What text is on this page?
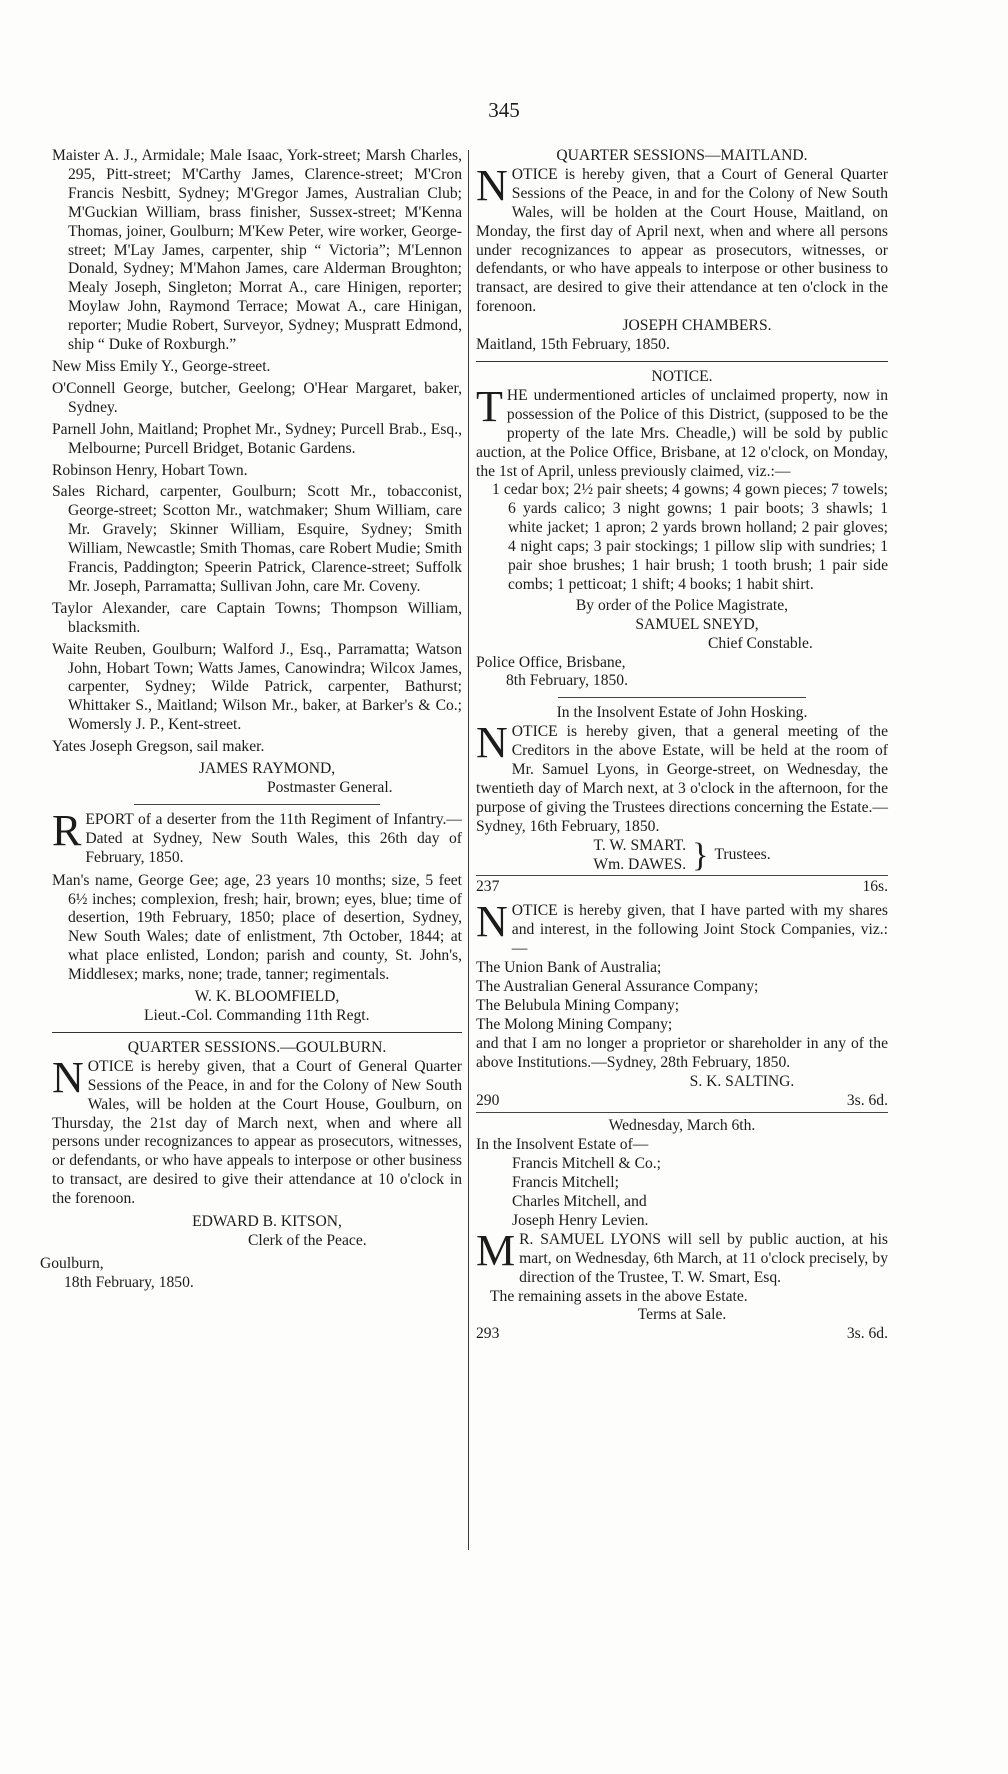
345

Maister A. J., Armidale; Male Isaac, York-street; Marsh Charles, 295, Pitt-street; M'Carthy James, Clarence-street; M'Cron Francis Nesbitt, Sydney; M'Gregor James, Australian Club; M'Guckian William, brass finisher, Sussex-street; M'Kenna Thomas, joiner, Goulburn; M'Kew Peter, wire worker, George-street; M'Lay James, carpenter, ship “ Victoria”; M'Lennon Donald, Sydney; M'Mahon James, care Alderman Broughton; Mealy Joseph, Singleton; Morrat A., care Hinigen, reporter; Moylaw John, Raymond Terrace; Mowat A., care Hinigan, reporter; Mudie Robert, Surveyor, Sydney; Muspratt Edmond, ship “ Duke of Roxburgh.”

New Miss Emily Y., George-street.

O'Connell George, butcher, Geelong; O'Hear Margaret, baker, Sydney.

Parnell John, Maitland; Prophet Mr., Sydney; Purcell Brab., Esq., Melbourne; Purcell Bridget, Botanic Gardens.

Robinson Henry, Hobart Town.

Sales Richard, carpenter, Goulburn; Scott Mr., tobacconist, George-street; Scotton Mr., watchmaker; Shum William, care Mr. Gravely; Skinner William, Esquire, Sydney; Smith William, Newcastle; Smith Thomas, care Robert Mudie; Smith Francis, Paddington; Speerin Patrick, Clarence-street; Suffolk Mr. Joseph, Parramatta; Sullivan John, care Mr. Coveny.

Taylor Alexander, care Captain Towns; Thompson William, blacksmith.

Waite Reuben, Goulburn; Walford J., Esq., Parramatta; Watson John, Hobart Town; Watts James, Canowindra; Wilcox James, carpenter, Sydney; Wilde Patrick, carpenter, Bathurst; Whittaker S., Maitland; Wilson Mr., baker, at Barker's & Co.; Womersly J. P., Kent-street.

Yates Joseph Gregson, sail maker.

JAMES RAYMOND,
Postmaster General.
REPORT of a deserter from the 11th Regiment of Infantry.—Dated at Sydney, New South Wales, this 26th day of February, 1850.

Man's name, George Gee; age, 23 years 10 months; size, 5 feet 6½ inches; complexion, fresh; hair, brown; eyes, blue; time of desertion, 19th February, 1850; place of desertion, Sydney, New South Wales; date of enlistment, 7th October, 1844; at what place enlisted, London; parish and county, St. John's, Middlesex; marks, none; trade, tanner; regimentals.

W. K. BLOOMFIELD,
Lieut.-Col. Commanding 11th Regt.
QUARTER SESSIONS.—GOULBURN.
NOTICE is hereby given, that a Court of General Quarter Sessions of the Peace, in and for the Colony of New South Wales, will be holden at the Court House, Goulburn, on Thursday, the 21st day of March next, when and where all persons under recognizances to appear as prosecutors, witnesses, or defendants, or who have appeals to interpose or other business to transact, are desired to give their attendance at 10 o'clock in the forenoon.
EDWARD B. KITSON,
Clerk of the Peace.
Goulburn,
18th February, 1850.
QUARTER SESSIONS—MAITLAND.
NOTICE is hereby given, that a Court of General Quarter Sessions of the Peace, in and for the Colony of New South Wales, will be holden at the Court House, Maitland, on Monday, the first day of April next, when and where all persons under recognizances to appear as prosecutors, witnesses, or defendants, or who have appeals to interpose or other business to transact, are desired to give their attendance at ten o'clock in the forenoon.
JOSEPH CHAMBERS.
Maitland, 15th February, 1850.
NOTICE.
THE undermentioned articles of unclaimed property, now in possession of the Police of this District, (supposed to be the property of the late Mrs. Cheadle,) will be sold by public auction, at the Police Office, Brisbane, at 12 o'clock, on Monday, the 1st of April, unless previously claimed, viz.:—

1 cedar box; 2½ pair sheets; 4 gowns; 4 gown pieces; 7 towels; 6 yards calico; 3 night gowns; 1 pair boots; 3 shawls; 1 white jacket; 1 apron; 2 yards brown holland; 2 pair gloves; 4 night caps; 3 pair stockings; 1 pillow slip with sundries; 1 pair shoe brushes; 1 hair brush; 1 tooth brush; 1 pair side combs; 1 petticoat; 1 shift; 4 books; 1 habit shirt.

By order of the Police Magistrate,
SAMUEL SNEYD,
Chief Constable.
Police Office, Brisbane,
8th February, 1850.
In the Insolvent Estate of John Hosking.
NOTICE is hereby given, that a general meeting of the Creditors in the above Estate, will be held at the room of Mr. Samuel Lyons, in George-street, on Wednesday, the twentieth day of March next, at 3 o'clock in the afternoon, for the purpose of giving the Trustees directions concerning the Estate.—Sydney, 16th February, 1850.
T. W. SMART.
Wm. DAWES. } Trustees.
237	16s.
NOTICE is hereby given, that I have parted with my shares and interest, in the following Joint Stock Companies, viz.:—
The Union Bank of Australia;
The Australian General Assurance Company;
The Belubula Mining Company;
The Molong Mining Company;
and that I am no longer a proprietor or shareholder in any of the above Institutions.—Sydney, 28th February, 1850.
S. K. SALTING.
290	3s. 6d.
Wednesday, March 6th.
In the Insolvent Estate of—
Francis Mitchell & Co.;
Francis Mitchell;
Charles Mitchell, and
Joseph Henry Levien.
M R. SAMUEL LYONS will sell by public auction, at his mart, on Wednesday, 6th March, at 11 o'clock precisely, by direction of the Trustee, T. W. Smart, Esq.
The remaining assets in the above Estate.
Terms at Sale.
293	3s. 6d.
